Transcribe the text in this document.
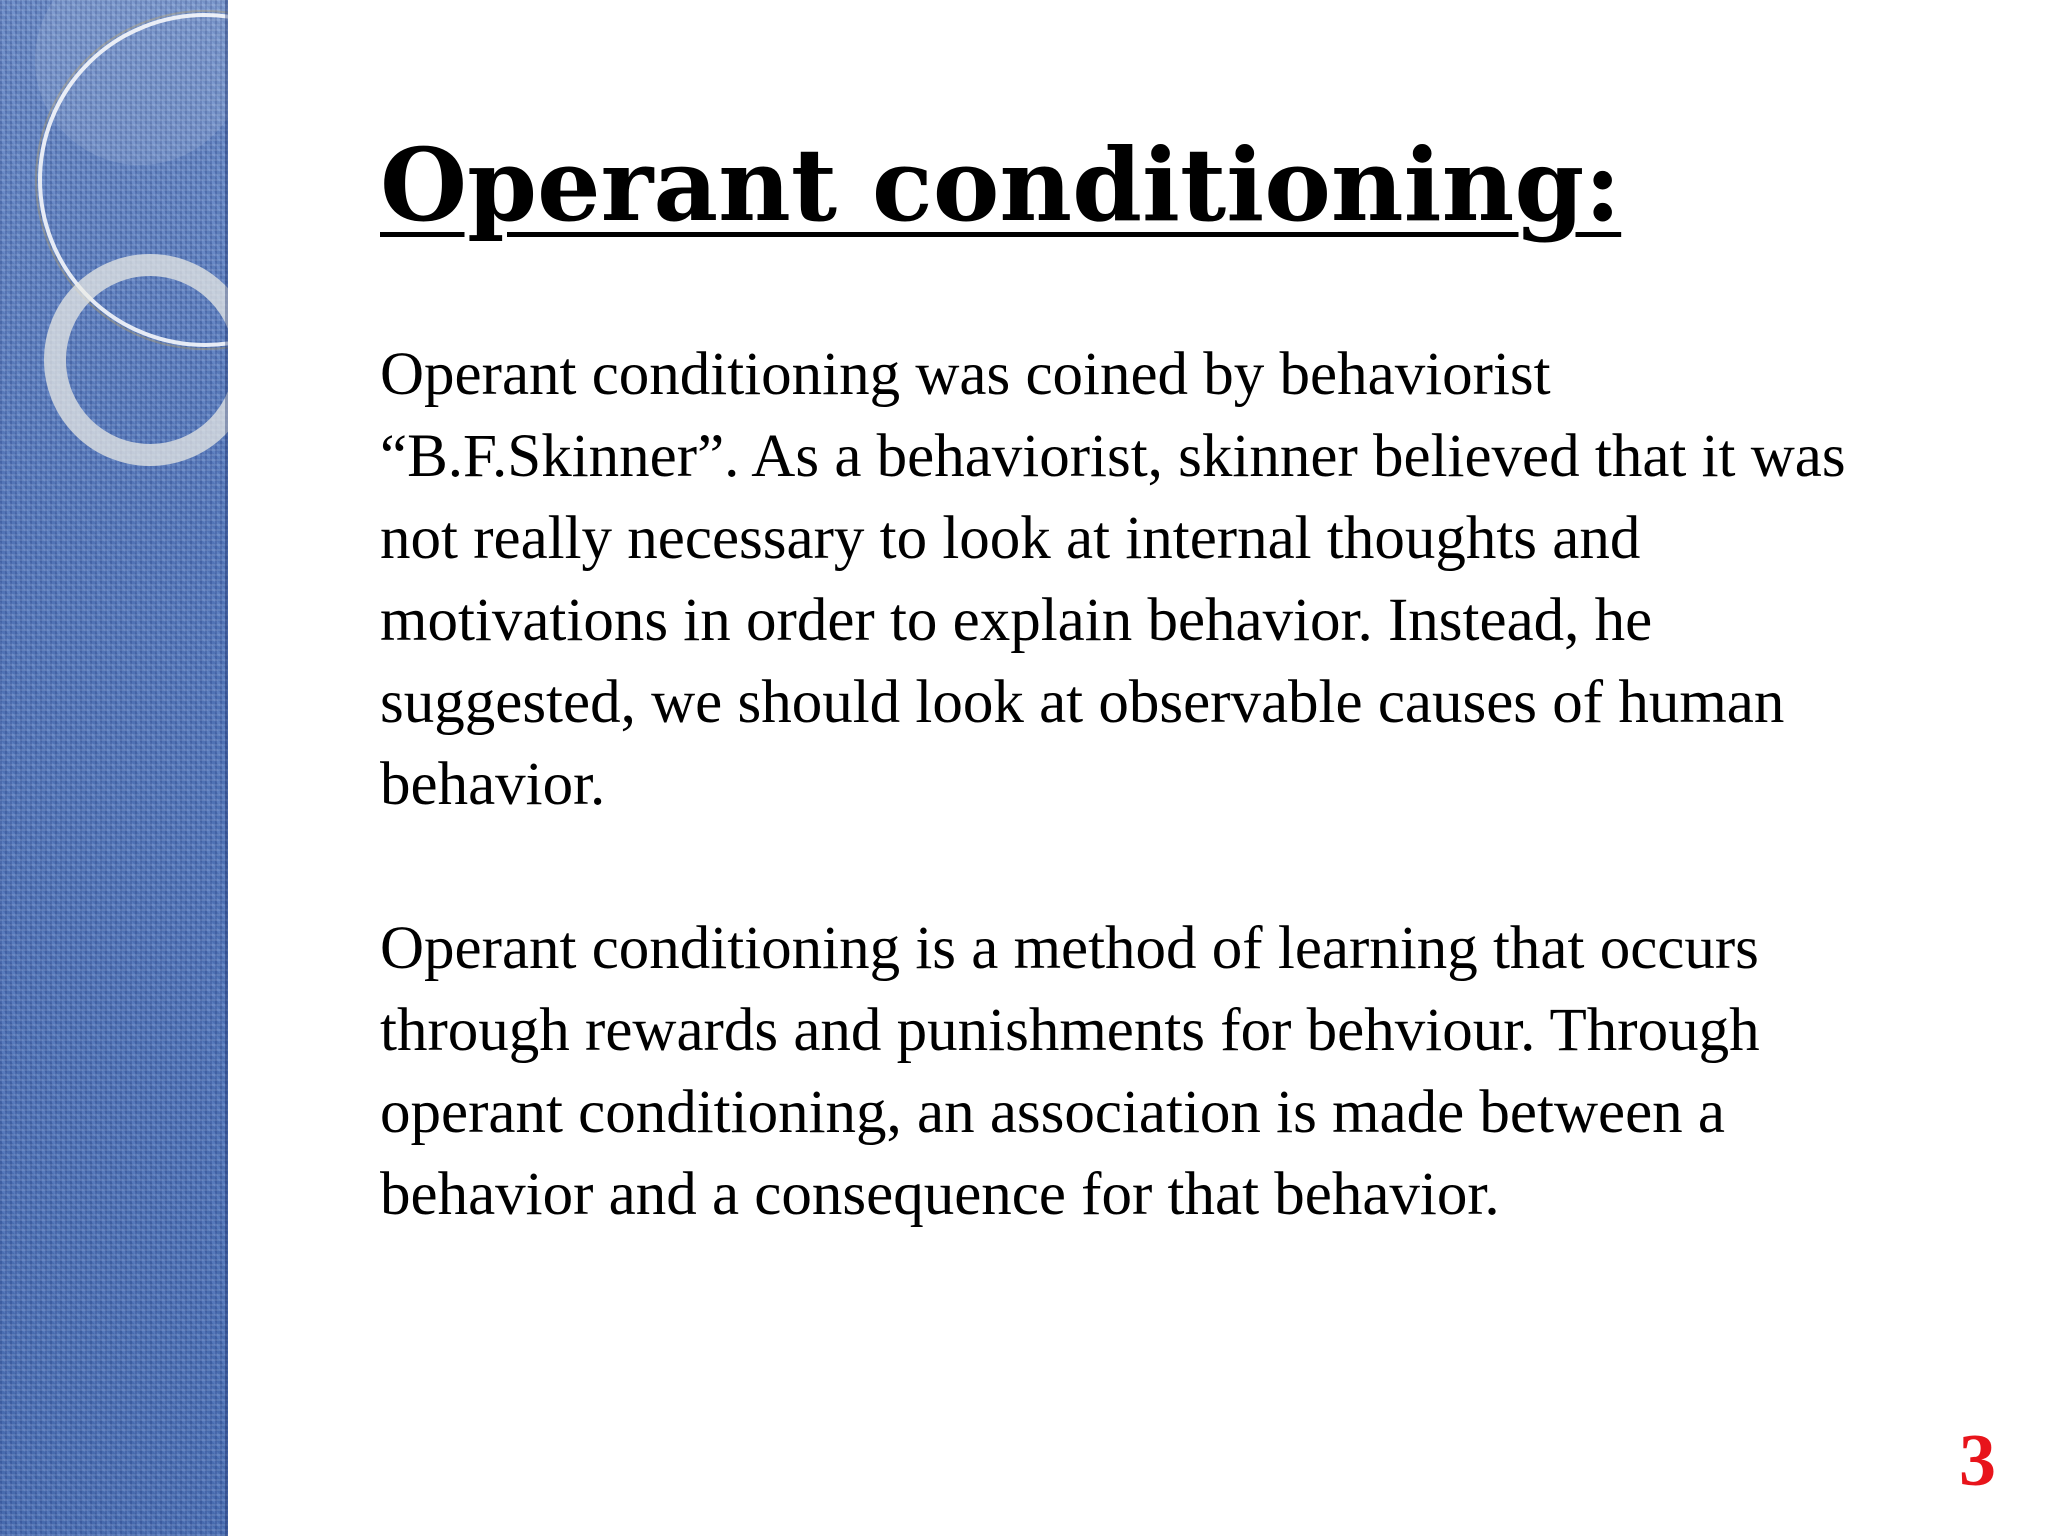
Operant conditioning:

Operant conditioning was coined by behaviorist “B.F.Skinner”. As a behaviorist, skinner believed that it was not really necessary to look at internal thoughts and motivations in order to explain behavior. Instead, he suggested, we should look at observable causes of human behavior.

Operant conditioning is a method of learning that occurs through rewards and punishments for behviour. Through operant conditioning, an association is made between a behavior and a consequence for that behavior.

3
